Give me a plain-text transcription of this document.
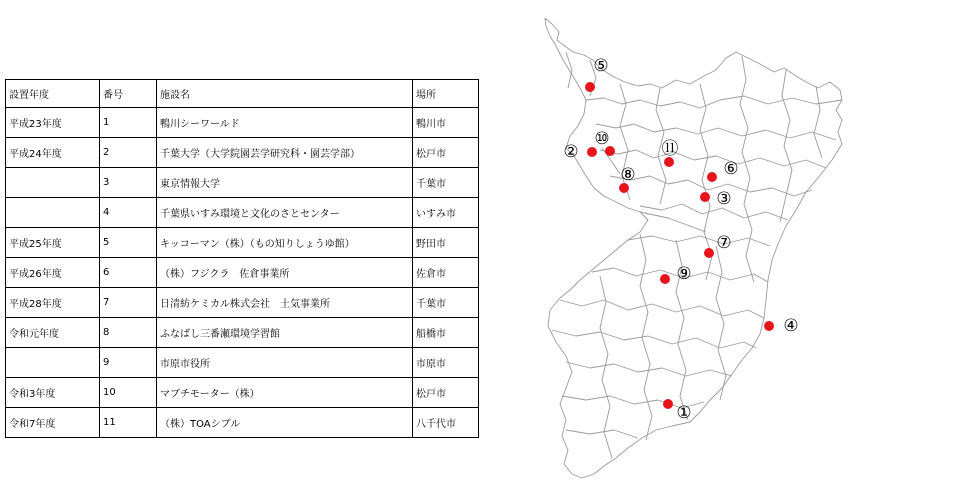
設置年度	番号	施設名	場所
平成23年度	1	鴨川シーワールド	鴨川市
平成24年度	2	千葉大学（大学院園芸学研究科・園芸学部）	松戸市
	3	東京情報大学	千葉市
	4	千葉県いすみ環境と文化のさとセンター	いすみ市
平成25年度	5	キッコーマン（株）（もの知りしょうゆ館）	野田市
平成26年度	6	（株）フジクラ　佐倉事業所	佐倉市
平成28年度	7	日清紡ケミカル株式会社　土気事業所	千葉市
令和元年度	8	ふなばし三番瀬環境学習館	船橋市
	9	市原市役所	市原市
令和3年度	10	マブチモーター（株）	松戸市
令和7年度	11	（株）TOAシブル	八千代市
①
②
③
④
⑤
⑥
⑦
⑧
⑨
⑩	⑪
